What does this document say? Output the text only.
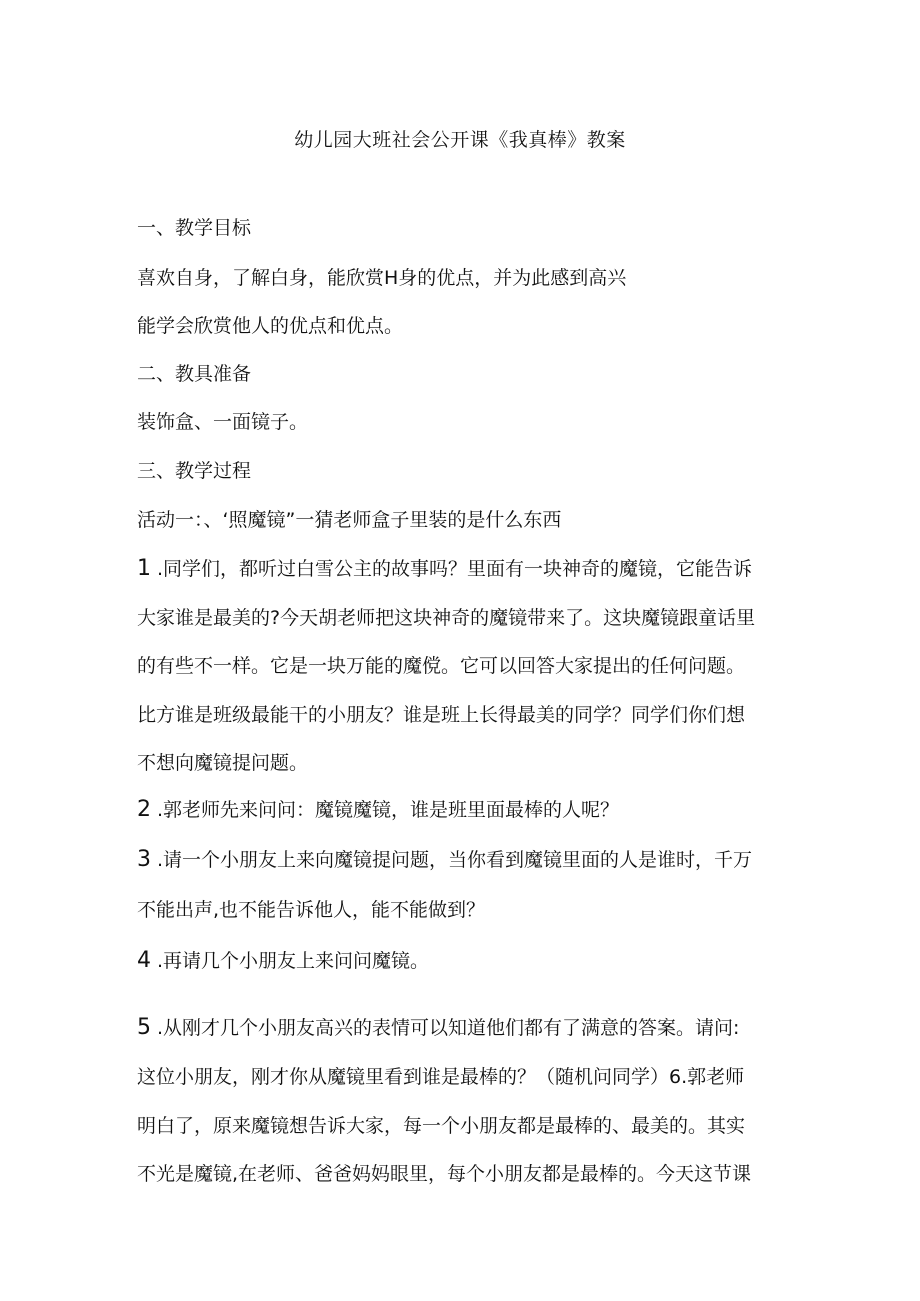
幼儿园大班社会公开课《我真棒》教案
一、教学目标
喜欢自身，了解白身，能欣赏H身的优点，并为此感到高兴
能学会欣赏他人的优点和优点。
二、教具准备
装饰盒、一面镜子。
三、教学过程
活动一：、‘照魔镜”一猜老师盒子里装的是什么东西
1 .同学们，都听过白雪公主的故事吗？里面有一块神奇的魔镜，它能告诉
大家谁是最美的?今天胡老师把这块神奇的魔镜带来了。这块魔镜跟童话里
的有些不一样。它是一块万能的魔傥。它可以回答大家提出的任何问题。
比方谁是班级最能干的小朋友？谁是班上长得最美的同学？同学们你们想
不想向魔镜提问题。
2 .郭老师先来问问：魔镜魔镜，谁是班里面最棒的人呢？
3 .请一个小朋友上来向魔镜提问题，当你看到魔镜里面的人是谁时，千万
不能出声,也不能告诉他人，能不能做到？
4 .再请几个小朋友上来问问魔镜。
5 .从刚才几个小朋友高兴的表情可以知道他们都有了满意的答案。请问:
这位小朋友，刚才你从魔镜里看到谁是最棒的？（随机问同学）6.郭老师
明白了，原来魔镜想告诉大家，每一个小朋友都是最棒的、最美的。其实
不光是魔镜,在老师、爸爸妈妈眼里，每个小朋友都是最棒的。今天这节课
